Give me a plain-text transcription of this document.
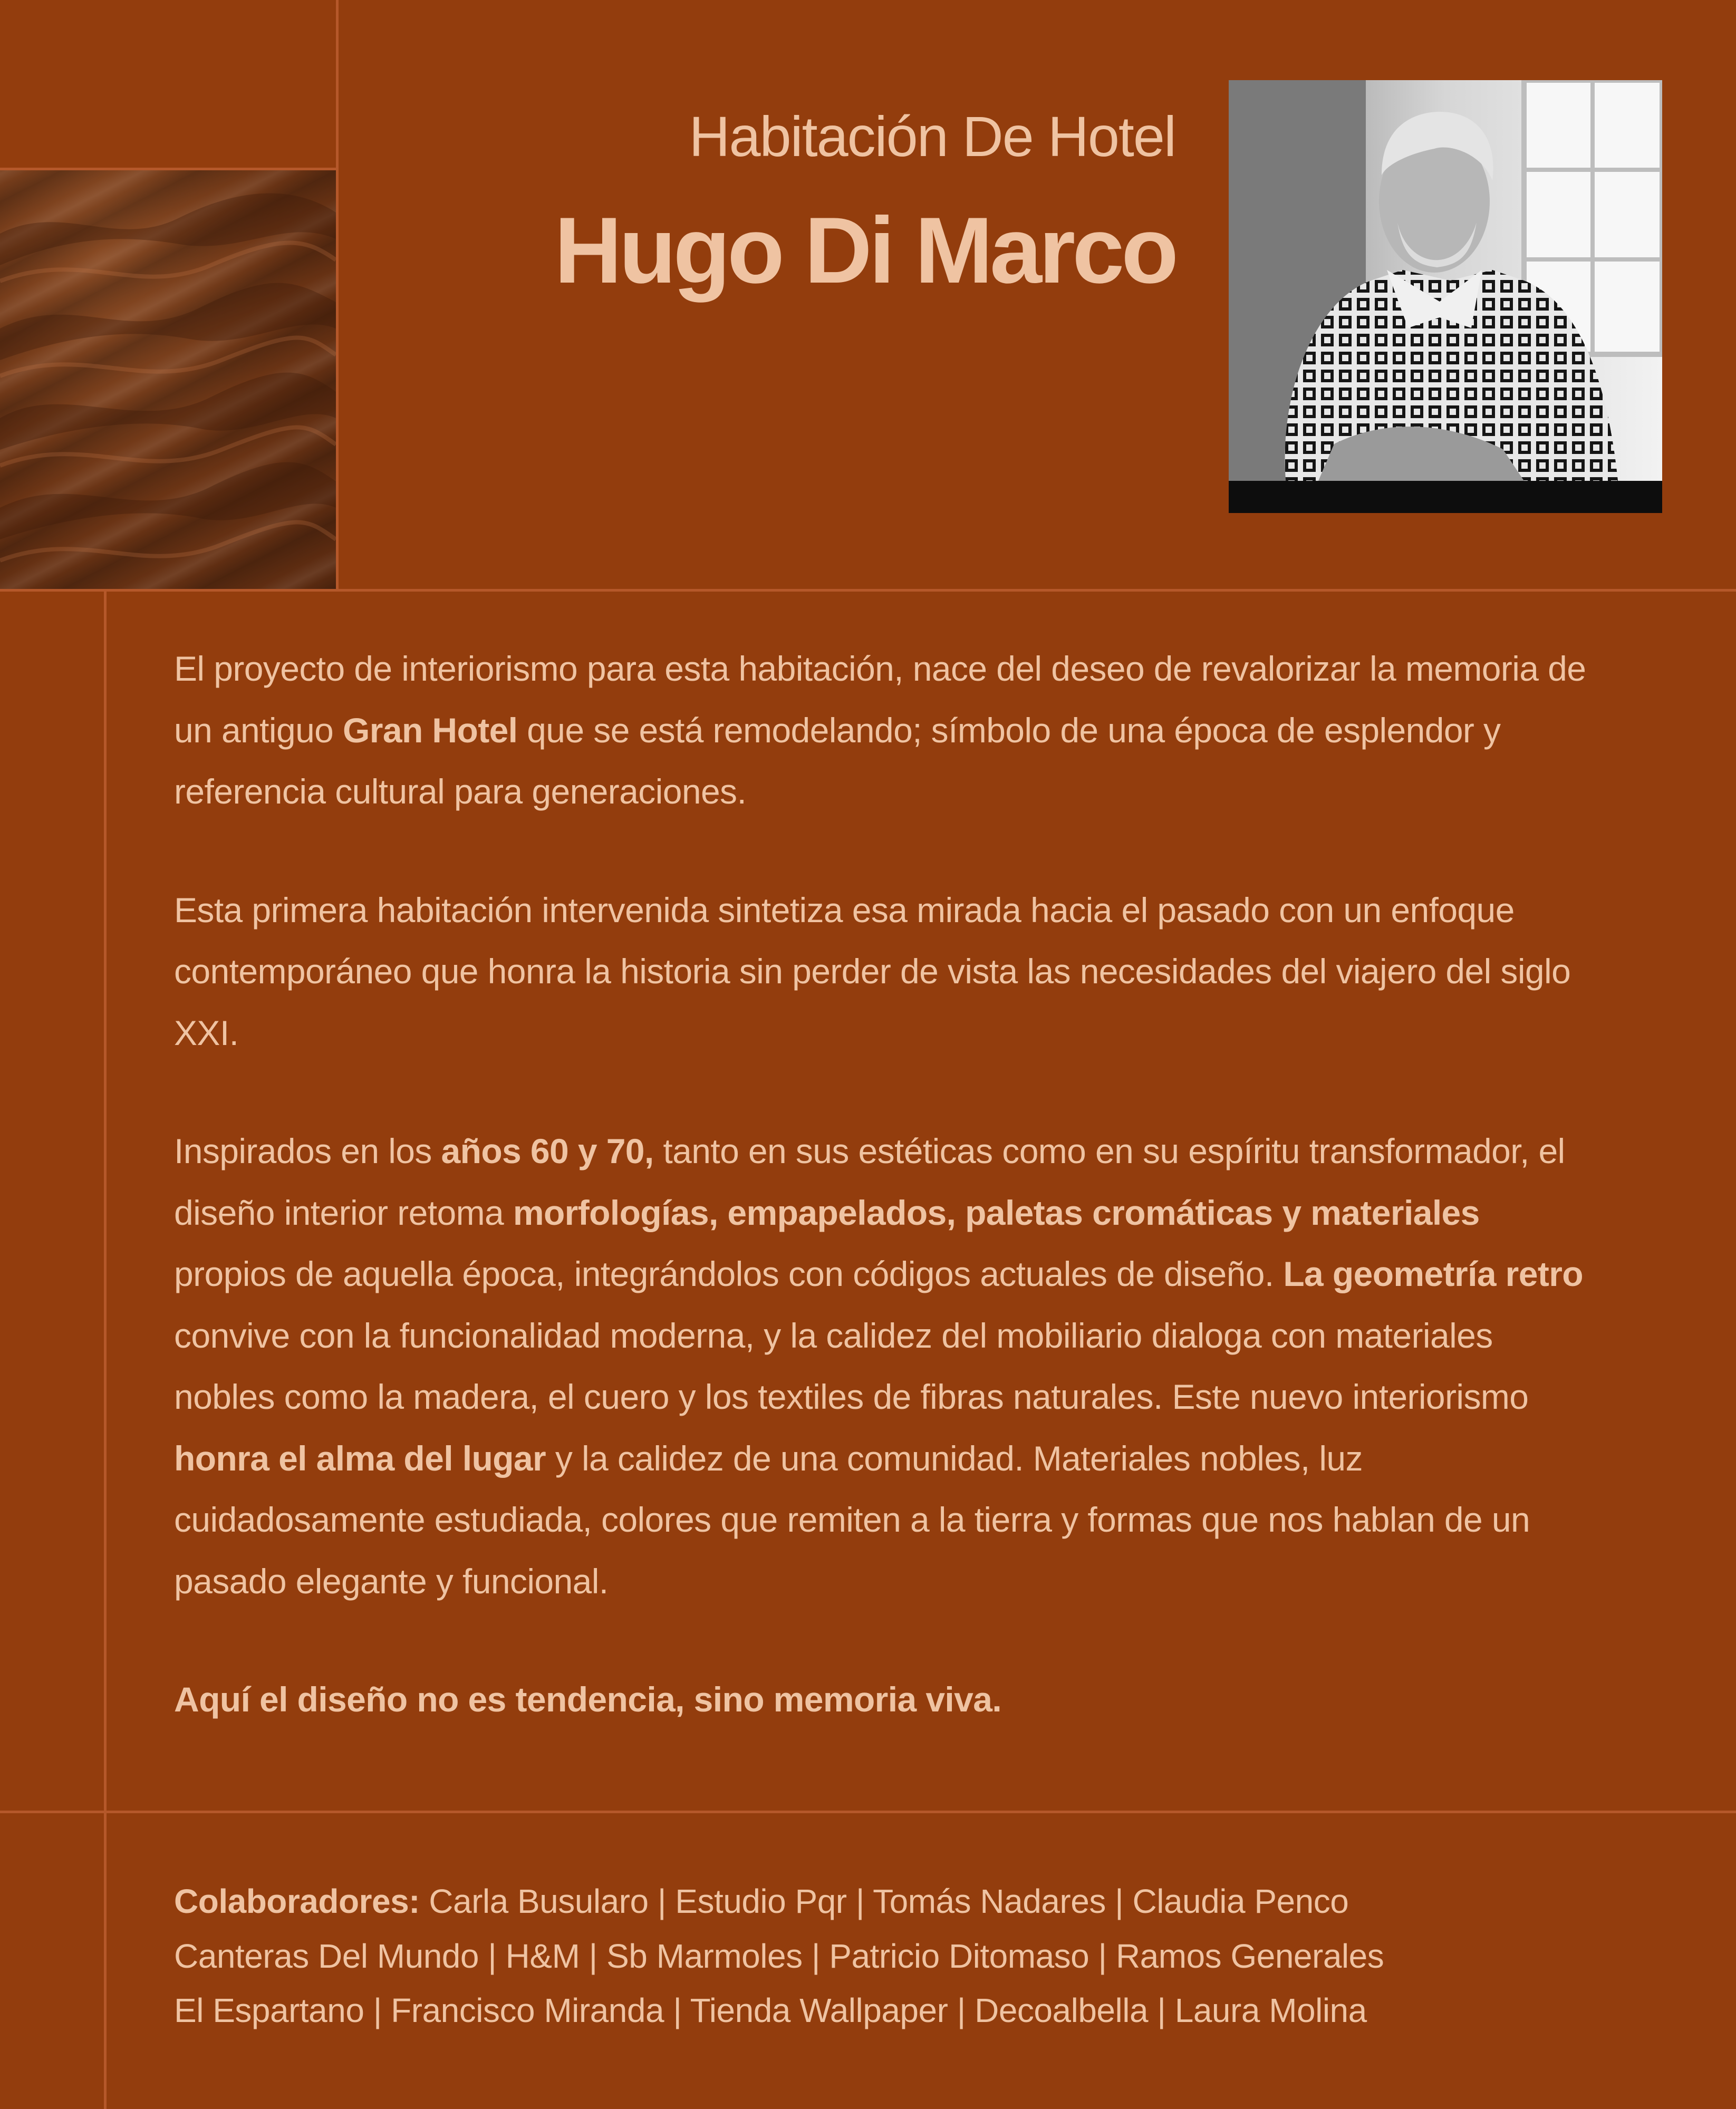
Habitación De Hotel
Hugo Di Marco

El proyecto de interiorismo para esta habitación, nace del deseo de revalorizar la memoria de un antiguo Gran Hotel que se está remodelando; símbolo de una época de esplendor y referencia cultural para generaciones.

Esta primera habitación intervenida sintetiza esa mirada hacia el pasado con un enfoque contemporáneo que honra la historia sin perder de vista las necesidades del viajero del siglo XXI.

Inspirados en los años 60 y 70, tanto en sus estéticas como en su espíritu transformador, el diseño interior retoma morfologías, empapelados, paletas cromáticas y materiales propios de aquella época, integrándolos con códigos actuales de diseño. La geometría retro convive con la funcionalidad moderna, y la calidez del mobiliario dialoga con materiales nobles como la madera, el cuero y los textiles de fibras naturales. Este nuevo interiorismo honra el alma del lugar y la calidez de una comunidad. Materiales nobles, luz cuidadosamente estudiada, colores que remiten a la tierra y formas que nos hablan de un pasado elegante y funcional.

Aquí el diseño no es tendencia, sino memoria viva.

Colaboradores: Carla Busularo | Estudio Pqr | Tomás Nadares | Claudia Penco
Canteras Del Mundo | H&M | Sb Marmoles | Patricio Ditomaso | Ramos Generales
El Espartano | Francisco Miranda | Tienda Wallpaper | Decoalbella | Laura Molina
